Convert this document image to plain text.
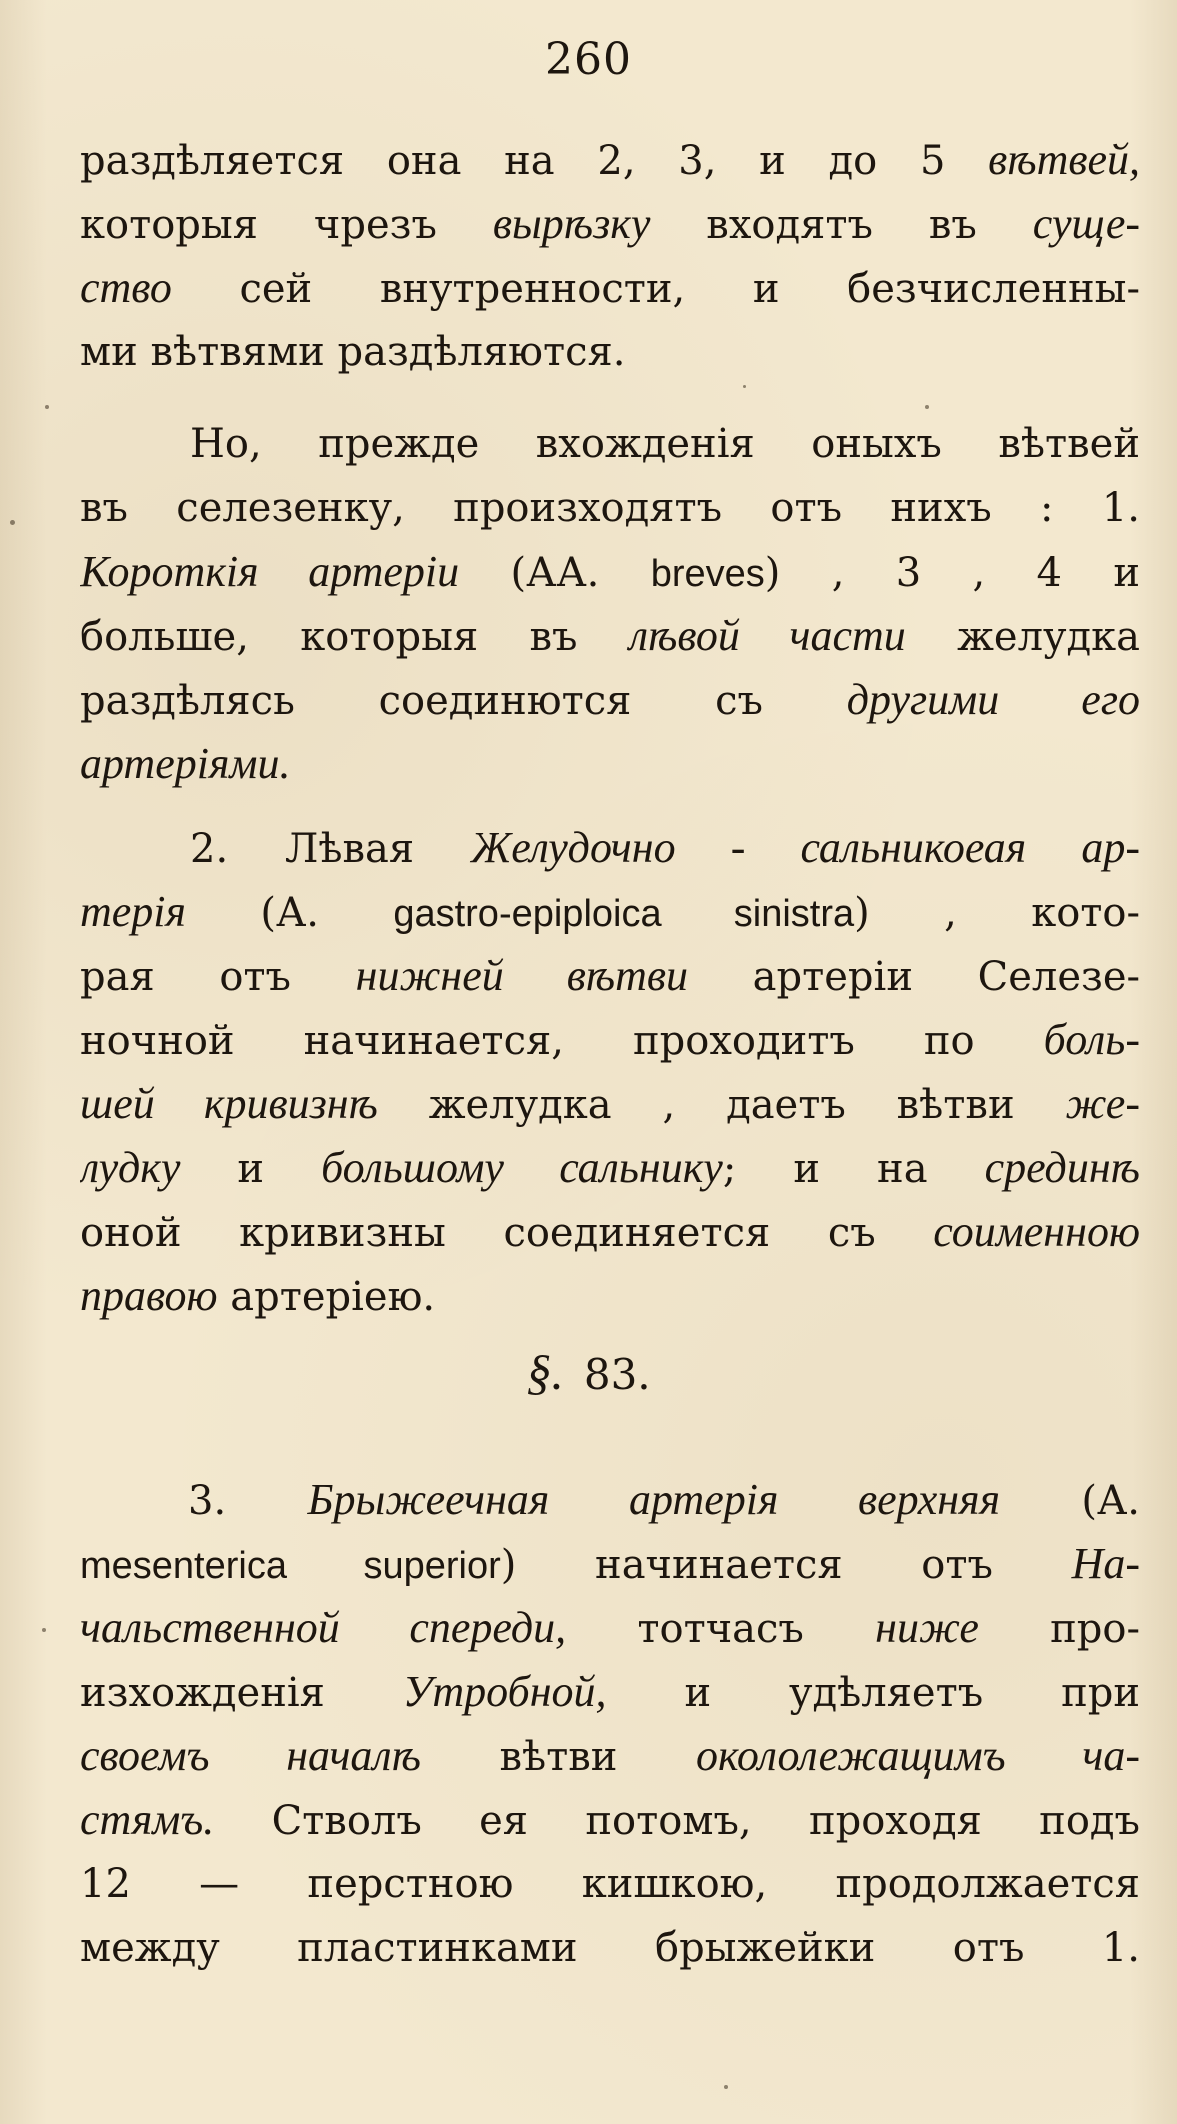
260
раздѣляется она на 2, 3, и до 5 вѣтвей,
которыя чрезъ вырѣзку входятъ въ суще-
ство сей внутренности, и безчисленны-
ми вѣтвями раздѣляются.
Но, прежде вхожденія оныхъ вѣтвей
въ селезенку, произходятъ отъ нихъ : 1.
Короткія артеріи (АА. breves) , 3 , 4 и
больше, которыя въ лѣвой части желудка
раздѣлясь соединются съ другими его
артеріями.
2. Лѣвая Желудочно - сальникоеая ар-
терія (А. gastro-epiploica sinistra) , кото-
рая отъ нижней вѣтви артеріи Селезе-
ночной начинается, проходитъ по боль-
шей кривизнѣ желудка , даетъ вѣтви же-
лудку и большому сальнику; и на срединѣ
оной кривизны соединяется съ соименною
правою артеріею.
§. 83.
3. Брыжеечная артерія верхняя (А.
mesenterica superior) начинается отъ На-
чальственной спереди, тотчасъ ниже про-
изхожденія Утробной, и удѣляетъ при
своемъ началѣ вѣтви окололежащимъ ча-
стямъ. Стволъ ея потомъ, проходя подъ
12 — перстною кишкою, продолжается
между пластинками брыжейки отъ 1.
